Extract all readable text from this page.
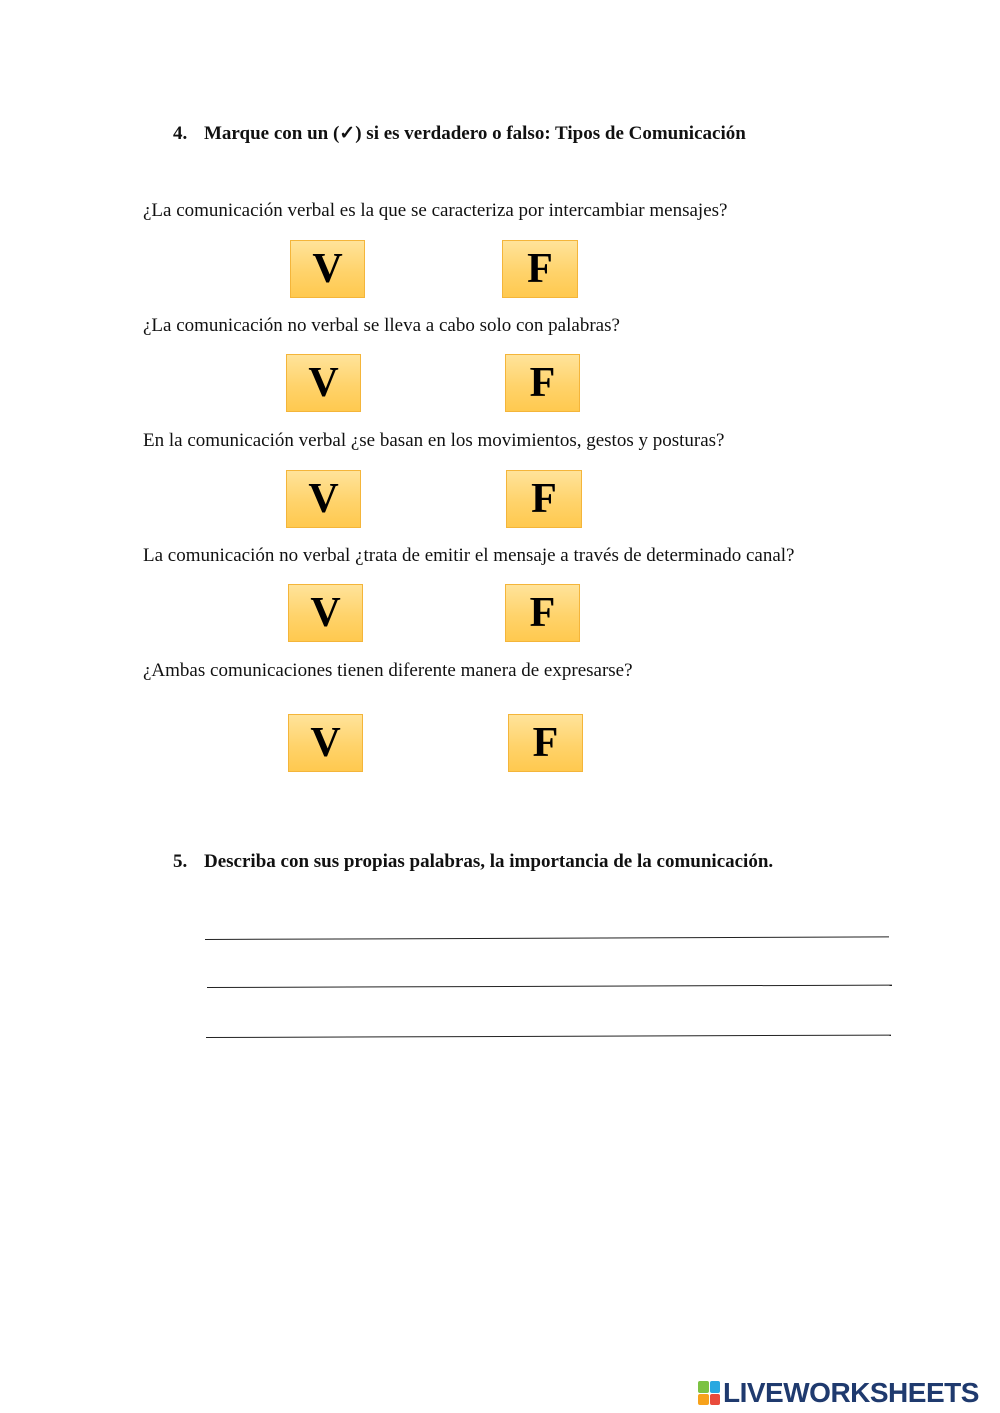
4. Marque con un (✓) si es verdadero o falso: Tipos de Comunicación
¿La comunicación verbal es la que se caracteriza por intercambiar mensajes?
V	F
¿La comunicación no verbal se lleva a cabo solo con palabras?
V	F
En la comunicación verbal ¿se basan en los movimientos, gestos y posturas?
V	F
La comunicación no verbal ¿trata de emitir el mensaje a través de determinado canal?
V	F
¿Ambas comunicaciones tienen diferente manera de expresarse?
V	F
5. Describa con sus propias palabras, la importancia de la comunicación.
LIVEWORKSHEETS
